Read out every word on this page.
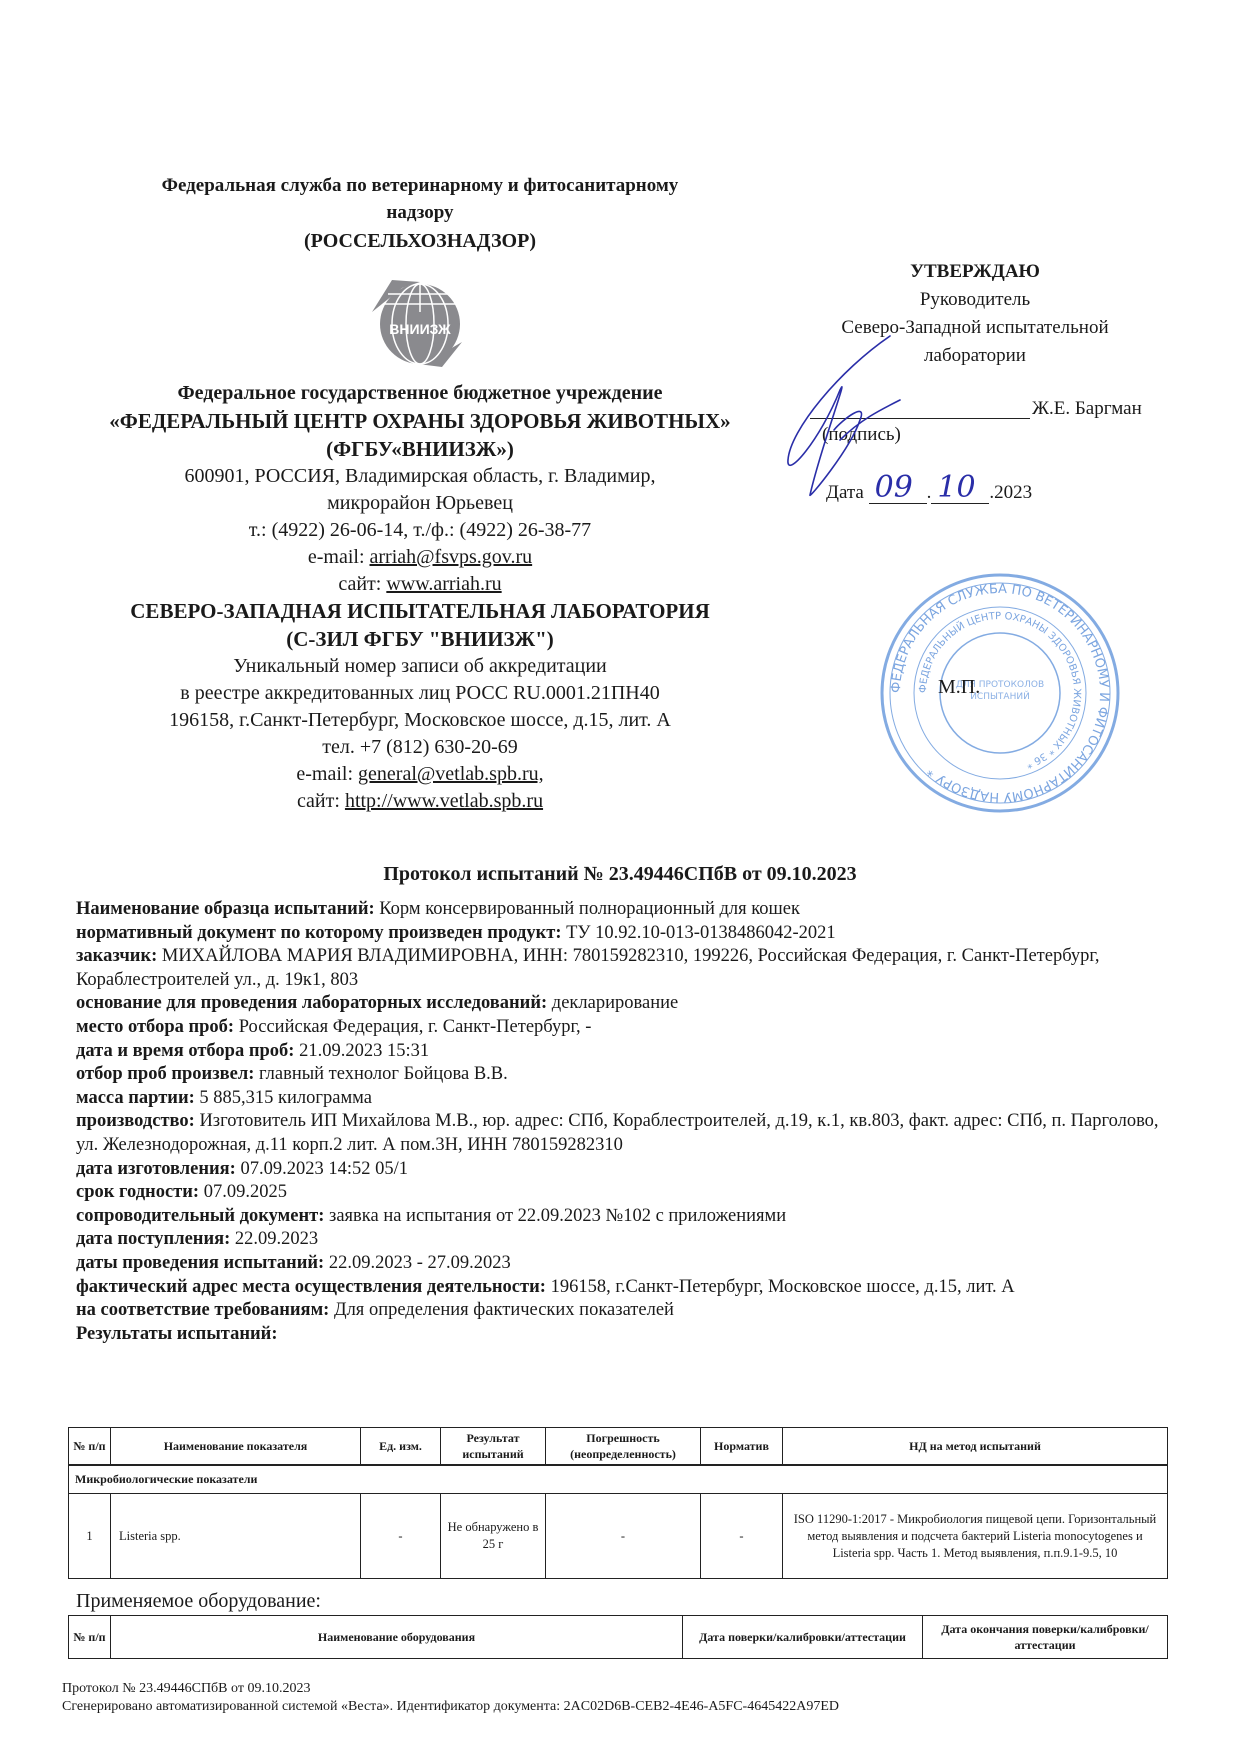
Федеральная служба по ветеринарному и фитосанитарному
надзору
(РОССЕЛЬХОЗНАДЗОР)
ВНИИЗЖ
Федеральное государственное бюджетное учреждение
«ФЕДЕРАЛЬНЫЙ ЦЕНТР ОХРАНЫ ЗДОРОВЬЯ ЖИВОТНЫХ»
(ФГБУ«ВНИИЗЖ»)
600901, РОССИЯ, Владимирская область, г. Владимир,
микрорайон Юрьевец
т.: (4922) 26-06-14, т./ф.: (4922) 26-38-77
e-mail: arriah@fsvps.gov.ru
сайт: www.arriah.ru
СЕВЕРО-ЗАПАДНАЯ ИСПЫТАТЕЛЬНАЯ ЛАБОРАТОРИЯ
(С-ЗИЛ ФГБУ "ВНИИЗЖ")
Уникальный номер записи об аккредитации
в реестре аккредитованных лиц РОСС RU.0001.21ПН40
196158, г.Санкт-Петербург, Московское шоссе, д.15, лит. А
тел. +7 (812) 630-20-69
e-mail: general@vetlab.spb.ru,
сайт: http://www.vetlab.spb.ru
УТВЕРЖДАЮ
Руководитель
Северо-Западной испытательной
лаборатории
Ж.Е. Баргман
(подпись)
Дата 09 . 10 .2023
ФЕДЕРАЛЬНАЯ СЛУЖБА ПО ВЕТЕРИНАРНОМУ И ФИТОСАНИТАРНОМУ НАДЗОРУ *
ФЕДЕРАЛЬНЫЙ ЦЕНТР ОХРАНЫ ЗДОРОВЬЯ ЖИВОТНЫХ * 36 *
ДЛЯ ПРОТОКОЛОВ
ИСПЫТАНИЙ
М.П.
Протокол испытаний № 23.49446СПбВ от 09.10.2023

Наименование образца испытаний: Корм консервированный полнорационный для кошек

нормативный документ по которому произведен продукт: ТУ 10.92.10-013-0138486042-2021

заказчик: МИХАЙЛОВА МАРИЯ ВЛАДИМИРОВНА, ИНН: 780159282310, 199226, Российская Федерация, г. Санкт-Петербург, Кораблестроителей ул., д. 19к1, 803

основание для проведения лабораторных исследований: декларирование

место отбора проб: Российская Федерация, г. Санкт-Петербург, -

дата и время отбора проб: 21.09.2023 15:31

отбор проб произвел: главный технолог Бойцова В.В.

масса партии: 5 885,315 килограмма

производство: Изготовитель ИП Михайлова М.В., юр. адрес: СПб, Кораблестроителей, д.19, к.1, кв.803, факт. адрес: СПб, п. Парголово, ул. Железнодорожная, д.11 корп.2 лит. А пом.3Н, ИНН 780159282310

дата изготовления: 07.09.2023 14:52 05/1

срок годности: 07.09.2025

сопроводительный документ: заявка на испытания от 22.09.2023 №102 с приложениями

дата поступления: 22.09.2023

даты проведения испытаний: 22.09.2023 - 27.09.2023

фактический адрес места осуществления деятельности: 196158, г.Санкт-Петербург, Московское шоссе, д.15, лит. А

на соответствие требованиям: Для определения фактических показателей

Результаты испытаний:

№ п/п	Наименование показателя	Ед. изм.	Результат испытаний	Погрешность (неопределенность)	Норматив	НД на метод испытаний
Микробиологические показатели						
1	Listeria spp.	-	Не обнаружено в 25 г	-	-	ISO 11290-1:2017 - Микробиология пищевой цепи. Горизонтальный метод выявления и подсчета бактерий Listeria monocytogenes и Listeria spp. Часть 1. Метод выявления, п.п.9.1-9.5, 10
Применяемое оборудование:
№ п/п	Наименование оборудования	Дата поверки/калибровки/аттестации	Дата окончания поверки/калибровки/аттестации
Протокол № 23.49446СПбВ от 09.10.2023
Сгенерировано автоматизированной системой «Веста». Идентификатор документа: 2AC02D6B-CEB2-4E46-A5FC-4645422A97ED
